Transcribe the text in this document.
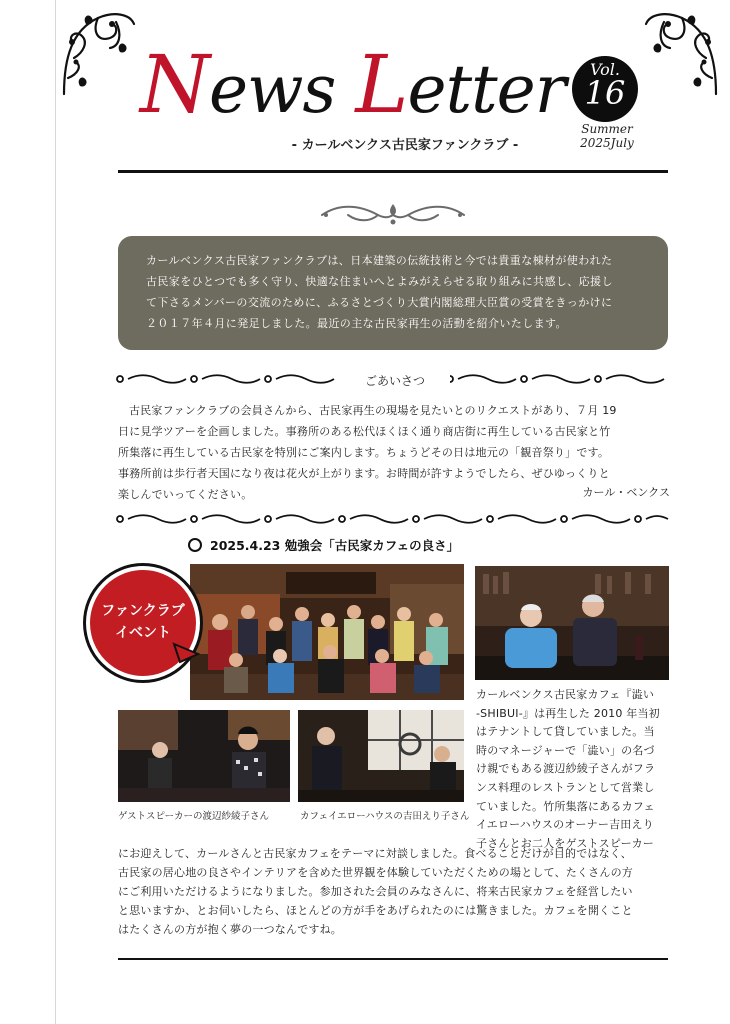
News Letter
- カールベンクス古民家ファンクラブ -
Vol.
16
Summer
2025July
カールベンクス古民家ファンクラブは、日本建築の伝統技術と今では貴重な棟材が使われた
古民家をひとつでも多く守り、快適な住まいへとよみがえらせる取り組みに共感し、応援し
て下さるメンバーの交流のために、ふるさとづくり大賞内閣総理大臣賞の受賞をきっかけに
２０１７年４月に発足しました。最近の主な古民家再生の活動を紹介いたします。
ごあいさつ
古民家ファンクラブの会員さんから、古民家再生の現場を見たいとのリクエストがあり、７月 19
日に見学ツアーを企画しました。事務所のある松代ほくほく通り商店街に再生している古民家と竹
所集落に再生している古民家を特別にご案内します。ちょうどその日は地元の「観音祭り」です。
事務所前は歩行者天国になり夜は花火が上がります。お時間が許すようでしたら、ぜひゆっくりと
楽しんでいってください。	カール・ベンクス
2025.4.23 勉強会「古民家カフェの良さ」
ファンクラブ
イベント
ゲストスピーカーの渡辺紗綾子さん	カフェイエローハウスの吉田えり子さん
カールベンクス古民家カフェ『澁い
-SHIBUI-』は再生した 2010 年当初
はテナントして貸していました。当
時のマネージャーで「澁い」の名づ
け親でもある渡辺紗綾子さんがフラ
ンス料理のレストランとして営業し
ていました。竹所集落にあるカフェ
イエローハウスのオーナー吉田えり
子さんとお二人をゲストスピーカー
にお迎えして、カールさんと古民家カフェをテーマに対談しました。食べることだけが目的ではなく、
古民家の居心地の良さやインテリアを含めた世界観を体験していただくための場として、たくさんの方
にご利用いただけるようになりました。参加された会員のみなさんに、将来古民家カフェを経営したい
と思いますか、とお伺いしたら、ほとんどの方が手をあげられたのには驚きました。カフェを開くこと
はたくさんの方が抱く夢の一つなんですね。
